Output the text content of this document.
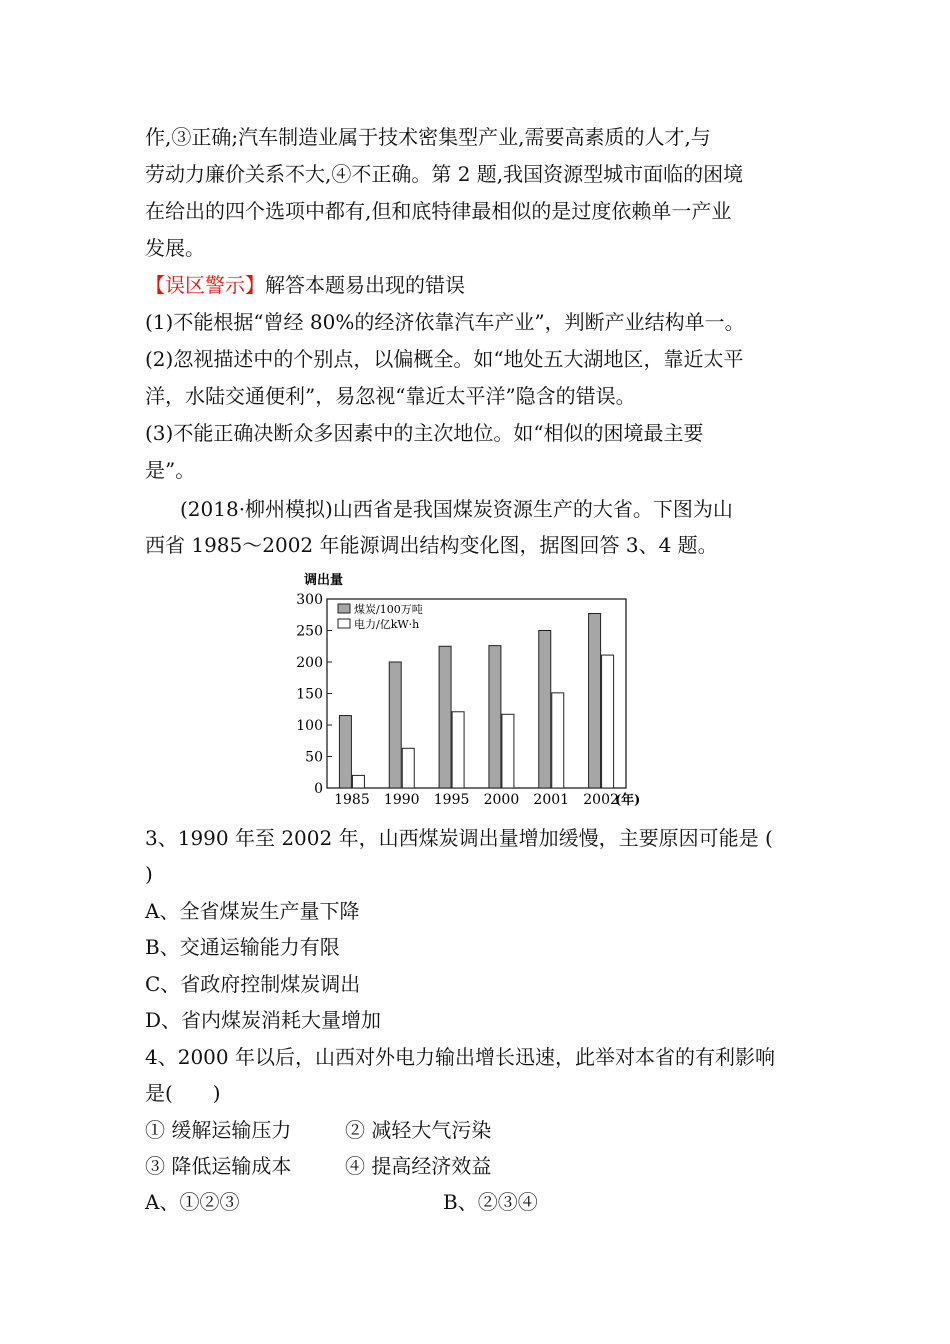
作,③正确;汽车制造业属于技术密集型产业,需要高素质的人才,与
劳动力廉价关系不大,④不正确。第 2 题,我国资源型城市面临的困境
在给出的四个选项中都有,但和底特律最相似的是过度依赖单一产业
发展。
【误区警示】解答本题易出现的错误
(1)不能根据“曾经 80%的经济依靠汽车产业”，判断产业结构单一。
(2)忽视描述中的个别点，以偏概全。如“地处五大湖地区，靠近太平
洋，水陆交通便利”，易忽视“靠近太平洋”隐含的错误。
(3)不能正确决断众多因素中的主次地位。如“相似的困境最主要
是”。
(2018·柳州模拟)山西省是我国煤炭资源生产的大省。下图为山
西省 1985～2002 年能源调出结构变化图，据图回答 3、4 题。
调出量
(年)
煤炭/100万吨
电力/亿kW·h
0
50
100
150
200
250
300
1985 1990 1995 2000 2001 2002
3、1990 年至 2002 年，山西煤炭调出量增加缓慢，主要原因可能是 (
)
A、全省煤炭生产量下降
B、交通运输能力有限
C、省政府控制煤炭调出
D、省内煤炭消耗大量增加
4、2000 年以后，山西对外电力输出增长迅速，此举对本省的有利影响
是(　　)
① 缓解运输压力	② 减轻大气污染
③ 降低运输成本	④ 提高经济效益
A、①②③	B、②③④
